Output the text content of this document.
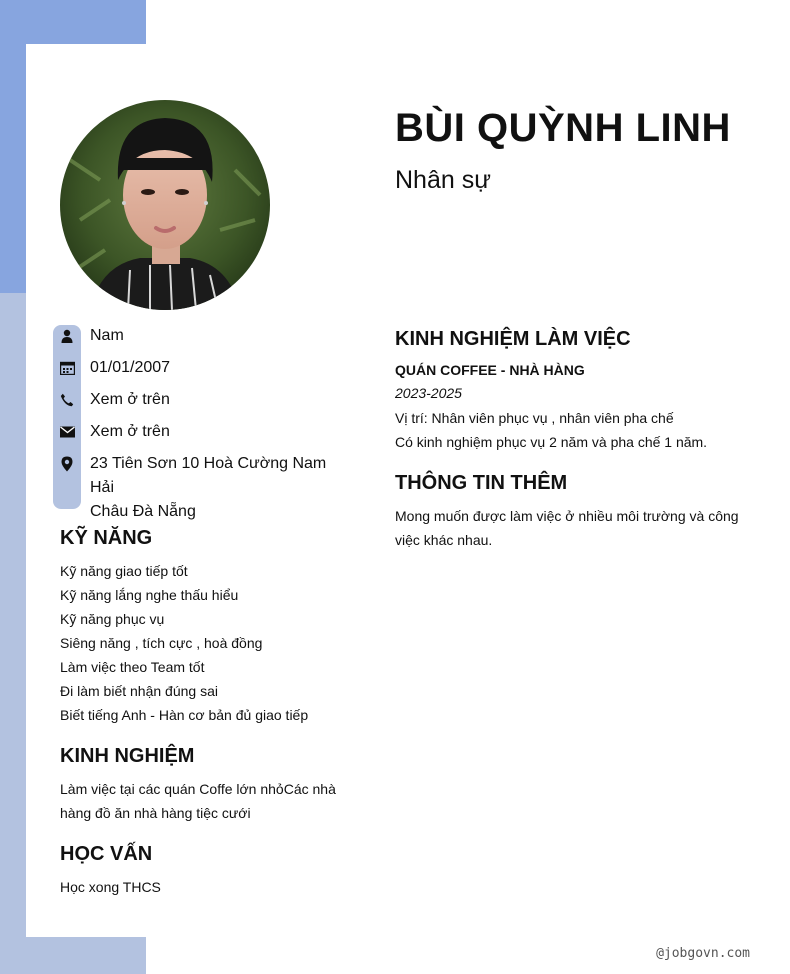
BÙI QUỲNH LINH
Nhân sự
Nam
01/01/2007
Xem ở trên
Xem ở trên
23 Tiên Sơn 10 Hoà Cường Nam Hải
Châu Đà Nẵng
KỸ NĂNG
Kỹ năng giao tiếp tốt
Kỹ năng lắng nghe thấu hiểu
Kỹ năng phục vụ
Siêng năng , tích cực , hoà đồng
Làm việc theo Team tốt
Đi làm biết nhận đúng sai
Biết tiếng Anh - Hàn cơ bản đủ giao tiếp
KINH NGHIỆM
Làm việc tại các quán Coffe lớn nhỏCác nhà
hàng đồ ăn nhà hàng tiệc cưới
HỌC VẤN
Học xong THCS
KINH NGHIỆM LÀM VIỆC
QUÁN COFFEE - NHÀ HÀNG
2023-2025
Vị trí: Nhân viên phục vụ , nhân viên pha chế
Có kinh nghiệm phục vụ 2 năm và pha chế 1 năm.
THÔNG TIN THÊM
Mong muốn được làm việc ở nhiều môi trường và công
việc khác nhau.
@jobgovn.com
